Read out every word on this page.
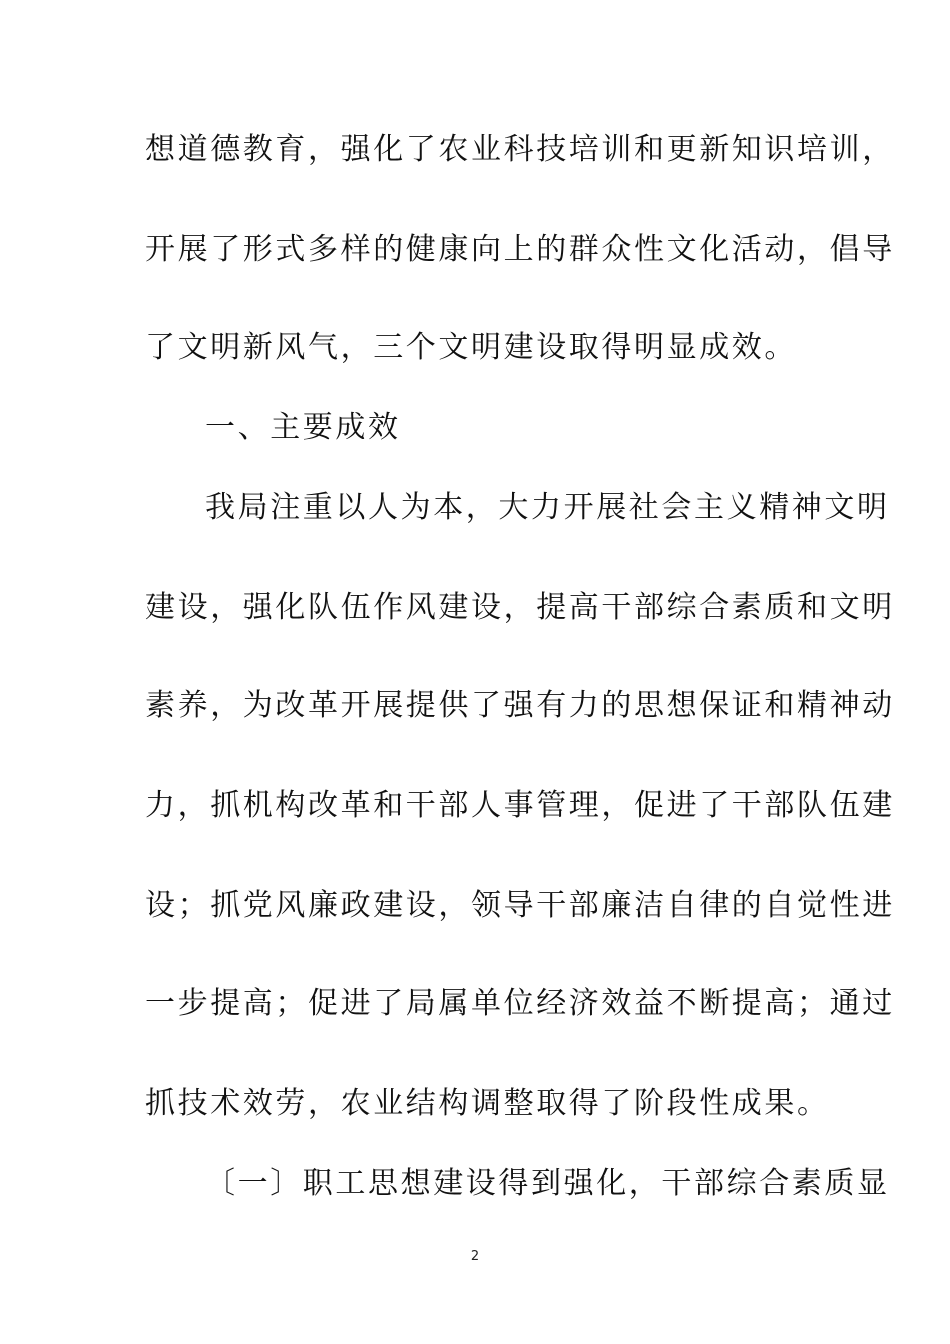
想道德教育，强化了农业科技培训和更新知识培训，
开展了形式多样的健康向上的群众性文化活动，倡导
了文明新风气，三个文明建设取得明显成效。
一、主要成效
我局注重以人为本，大力开展社会主义精神文明
建设，强化队伍作风建设，提高干部综合素质和文明
素养，为改革开展提供了强有力的思想保证和精神动
力，抓机构改革和干部人事管理，促进了干部队伍建
设；抓党风廉政建设，领导干部廉洁自律的自觉性进
一步提高；促进了局属单位经济效益不断提高；通过
抓技术效劳，农业结构调整取得了阶段性成果。
〔一〕职工思想建设得到强化，干部综合素质显
2
